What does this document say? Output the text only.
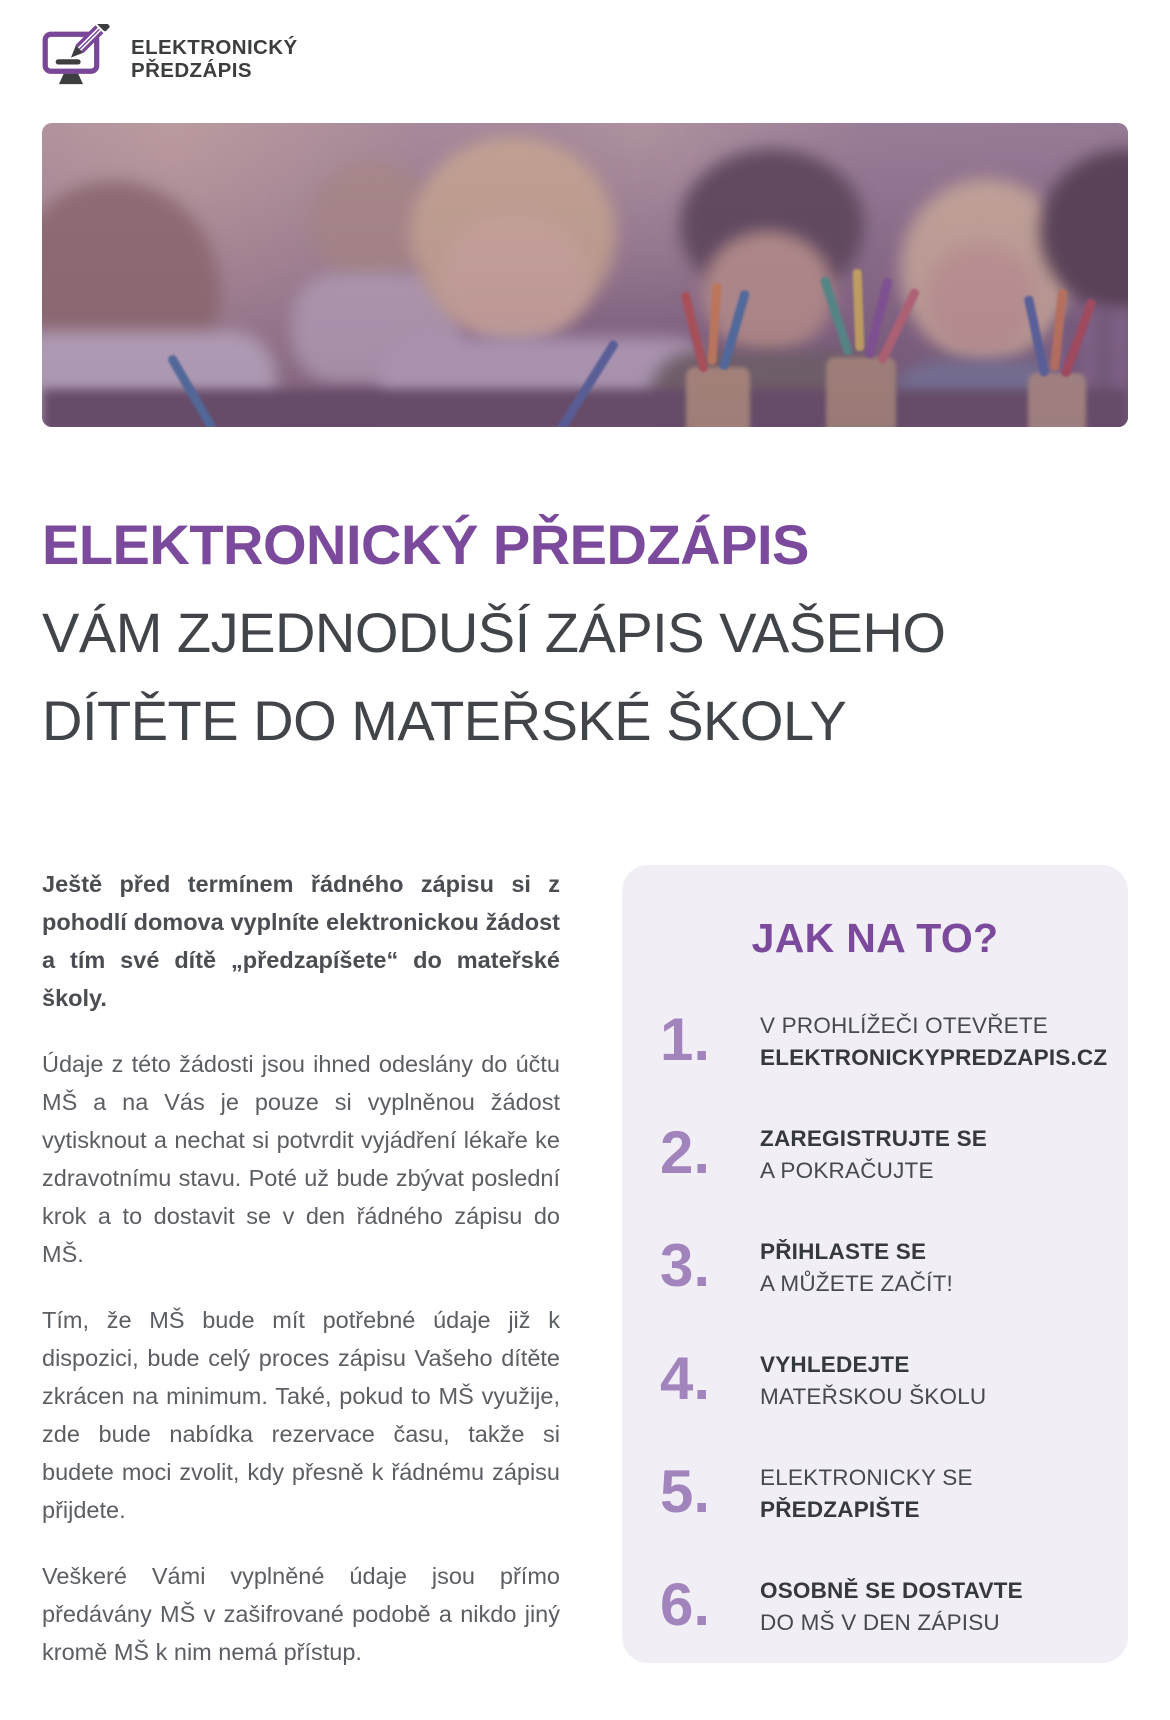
ELEKTRONICKÝ
PŘEDZÁPIS
ELEKTRONICKÝ PŘEDZÁPIS
VÁM ZJEDNODUŠÍ ZÁPIS VAŠEHO
DÍTĚTE DO MATEŘSKÉ ŠKOLY

Ještě před termínem řádného zápisu si z pohodlí domova vyplníte elektronickou žádost a tím své dítě „předzapíšete“ do mateřské školy.

Údaje z této žádosti jsou ihned odeslány do účtu MŠ a na Vás je pouze si vyplněnou žádost vytisknout a nechat si potvrdit vyjádření lékaře ke zdravotnímu stavu. Poté už bude zbývat poslední krok a to dostavit se v den řádného zápisu do MŠ.

Tím, že MŠ bude mít potřebné údaje již k dispozici, bude celý proces zápisu Vašeho dítěte zkrácen na minimum. Také, pokud to MŠ využije, zde bude nabídka rezervace času, takže si budete moci zvolit, kdy přesně k řádnému zápisu přijdete.

Veškeré Vámi vyplněné údaje jsou přímo předávány MŠ v zašifrované podobě a nikdo jiný kromě MŠ k nim nemá přístup.

JAK NA TO?
1.	V PROHLÍŽEČI OTEVŘETE
ELEKTRONICKYPREDZAPIS.CZ
2.	ZAREGISTRUJTE SE
A POKRAČUJTE
3.	PŘIHLASTE SE
A MŮŽETE ZAČÍT!
4.	VYHLEDEJTE
MATEŘSKOU ŠKOLU
5.	ELEKTRONICKY SE
PŘEDZAPIŠTE
6.	OSOBNĚ SE DOSTAVTE
DO MŠ V DEN ZÁPISU
